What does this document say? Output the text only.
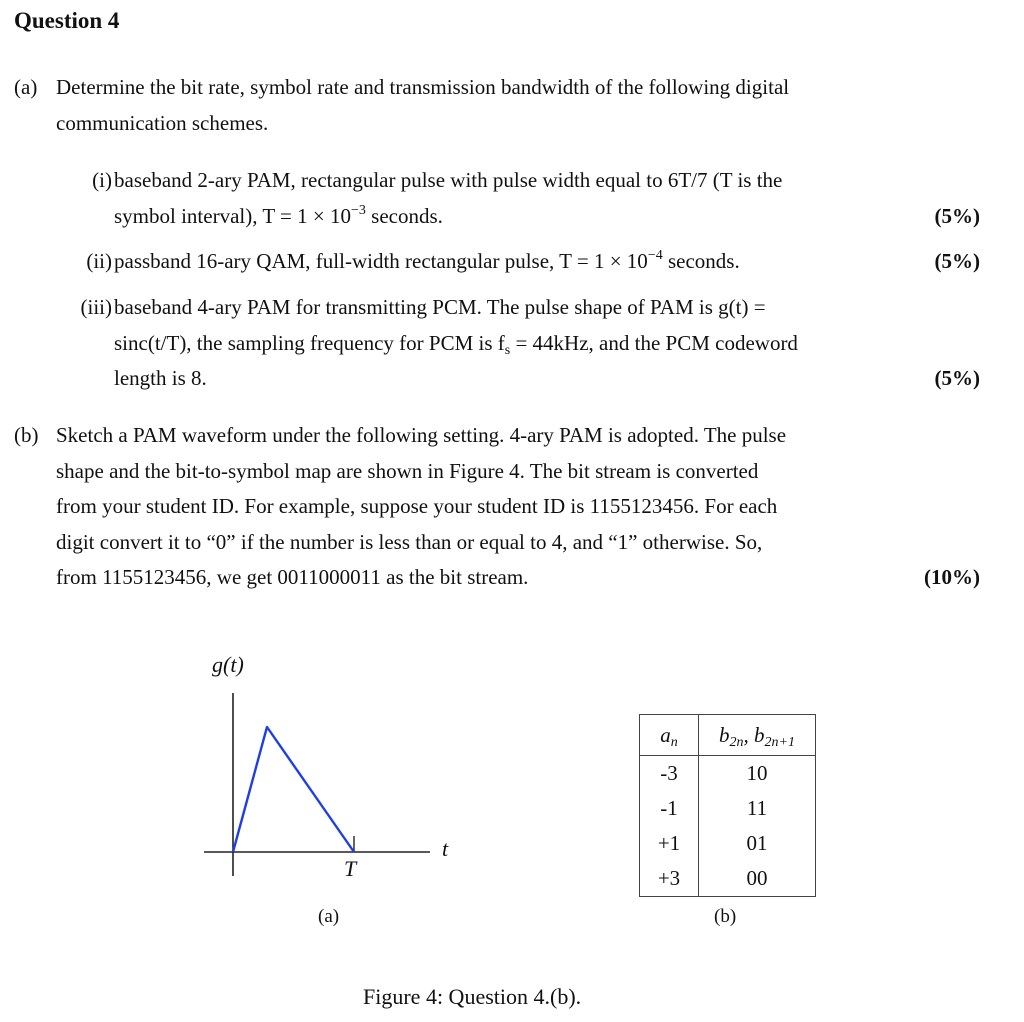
Question 4
(a) Determine the bit rate, symbol rate and transmission bandwidth of the following digital
communication schemes.
(i) baseband 2-ary PAM, rectangular pulse with pulse width equal to 6T/7 (T is the
symbol interval), $T = 1 \times 10^{-3}$ seconds.	(5%)
(ii) passband 16-ary QAM, full-width rectangular pulse, $T = 1 \times 10^{-4}$ seconds.	(5%)
(iii) baseband 4-ary PAM for transmitting PCM. The pulse shape of PAM is g(t) =
sinc(t/T), the sampling frequency for PCM is $f_s = 44kHz$, and the PCM codeword
length is 8.	(5%)
(b) Sketch a PAM waveform under the following setting. 4-ary PAM is adopted. The pulse
shape and the bit-to-symbol map are shown in Figure 4. The bit stream is converted
from your student ID. For example, suppose your student ID is 1155123456. For each
digit convert it to “0” if the number is less than or equal to 4, and “1” otherwise. So,
from 1155123456, we get 0011000011 as the bit stream.	(10%)
g(t)
t
T
(a)
$a_n$	$b_{2n}$, $b_{2n+1}$
-3	10
-1	11
+1	01
+3	00
(b)
Figure 4: Question 4.(b).
